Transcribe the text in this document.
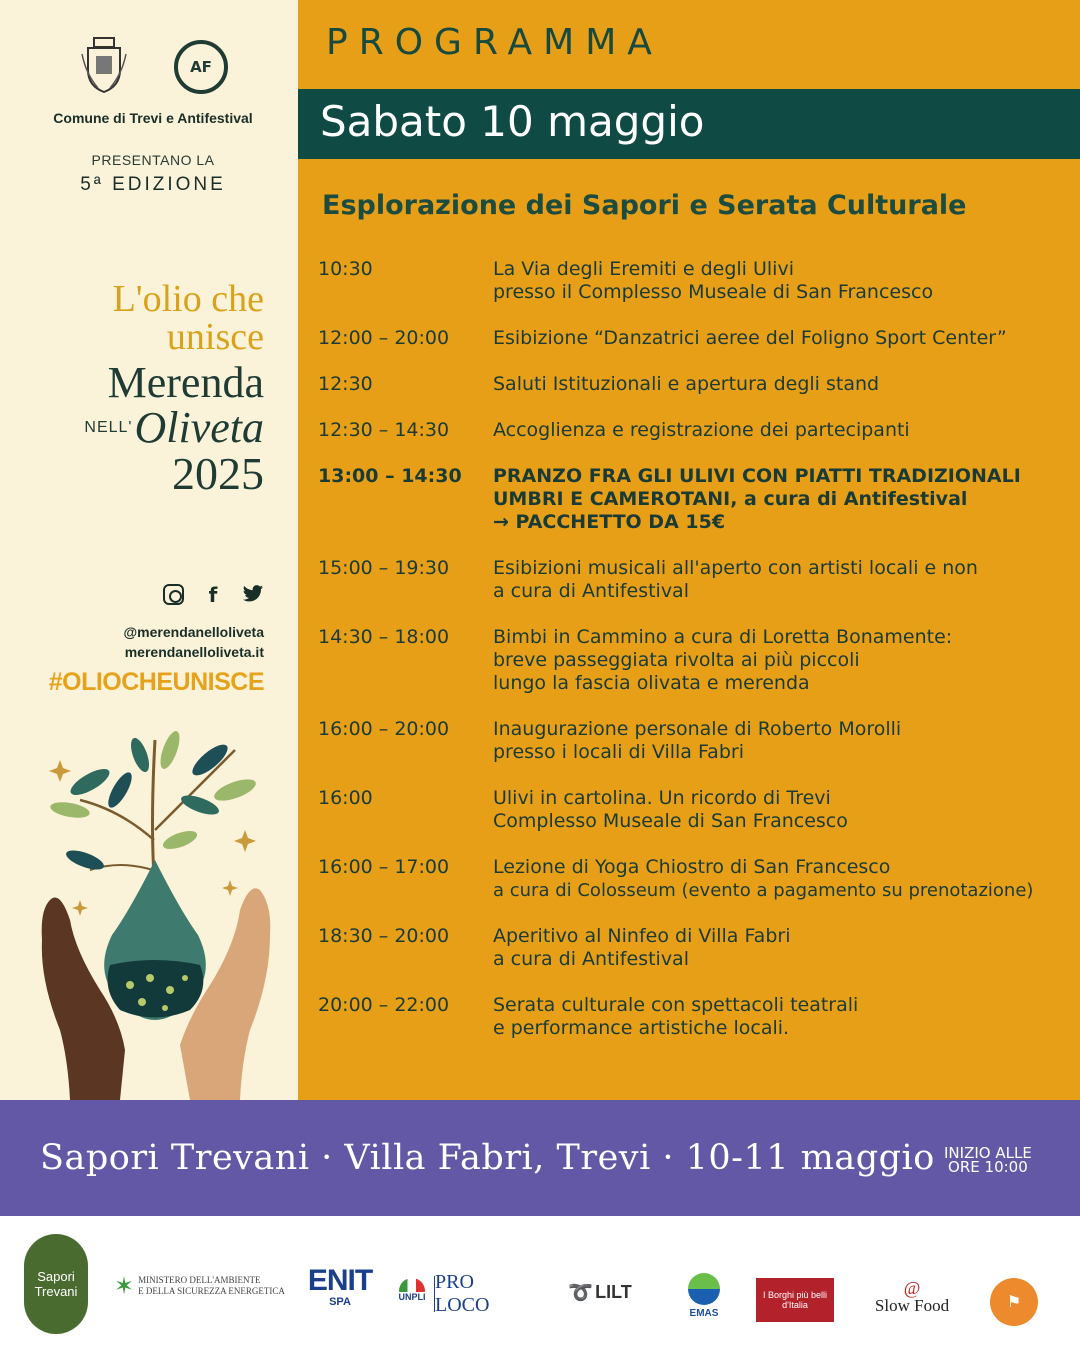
AF
Comune di Trevi e Antifestival
PRESENTANO LA
5ª EDIZIONE
L'olio che
unisce
Merenda
$^{NELL'}$Oliveta
2025
f
@merendanelloliveta
merendanelloliveta.it
#OLIOCHEUNISCE
PROGRAMMA
Sabato 10 maggio
Esplorazione dei Sapori e Serata Culturale
10:30	La Via degli Eremiti e degli Ulivi
presso il Complesso Museale di San Francesco
12:00 – 20:00	Esibizione “Danzatrici aeree del Foligno Sport Center”
12:30	Saluti Istituzionali e apertura degli stand
12:30 – 14:30	Accoglienza e registrazione dei partecipanti
13:00 – 14:30	PRANZO FRA GLI ULIVI CON PIATTI TRADIZIONALI
UMBRI E CAMEROTANI, a cura di Antifestival
→ PACCHETTO DA 15€
15:00 – 19:30	Esibizioni musicali all'aperto con artisti locali e non
a cura di Antifestival
14:30 – 18:00	Bimbi in Cammino a cura di Loretta Bonamente:
breve passeggiata rivolta ai più piccoli
lungo la fascia olivata e merenda
16:00 – 20:00	Inaugurazione personale di Roberto Morolli
presso i locali di Villa Fabri
16:00	Ulivi in cartolina. Un ricordo di Trevi
Complesso Museale di San Francesco
16:00 – 17:00	Lezione di Yoga Chiostro di San Francesco
a cura di Colosseum (evento a pagamento su prenotazione)
18:30 – 20:00	Aperitivo al Ninfeo di Villa Fabri
a cura di Antifestival
20:00 – 22:00	Serata culturale con spettacoli teatrali
e performance artistiche locali.
Sapori Trevani · Villa Fabri, Trevi · 10-11 maggio INIZIO ALLE
ORE 10:00
Sapori Trevani ✶ MINISTERO DELL'AMBIENTE
E DELLA SICUREZZA ENERGETICA ENIT
SPA	UNPLI
PRO LOCO
➰ LILT
EMAS
I Borghi più belli d'Italia
@
Slow Food	⚑
